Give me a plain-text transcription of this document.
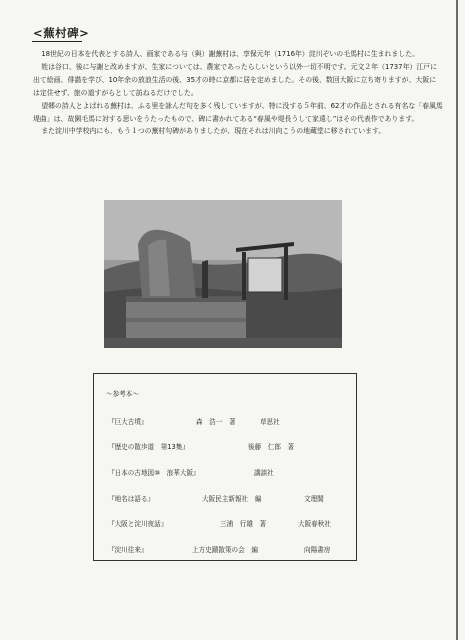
<蕪村碑>

18世紀の日本を代表とする詩人、画家である与（與）謝蕪村は、享保元年（1716年）淀川ぞいの毛馬村に生まれました。

姓は谷口、後に与謝と改めますが、生家については、農家であったらしいという以外一切不明です。元文２年（1737年）江戸に出て絵画、俳諧を学び、10年余の放浪生活の後、35才の時に京都に居を定めました。その後、数回大阪に立ち寄りますが、大阪には定住せず、旅の道すがらとして訪ねるだけでした。

望郷の詩人とよばれる蕪村は、ふる里を詠んだ句を多く残していますが、特に没する５年前、62才の作品とされる有名な「春風馬堤曲」は、故園毛馬に対する思いをうたったもので、碑に書かれてある“春風や堤長うして家遠し”はその代表作であります。

また淀川中学校内にも、もう１つの蕪村句碑がありましたが、現在それは川向こうの地蔵堂に移されています。

〜参考本〜
『巨大古墳』	森　浩一　著	草思社
『歴史の散歩道　第13集』	後藤　仁郎　著
『日本の古地図⑩　浪華大阪』	講談社
『地名は語る』	大阪民主新報社　編	文理閣
『大阪と淀川夜話』	三浦　行雄　著	大阪春秋社
『淀川往来』	上方史蹟散策の会　編	向陽書房
